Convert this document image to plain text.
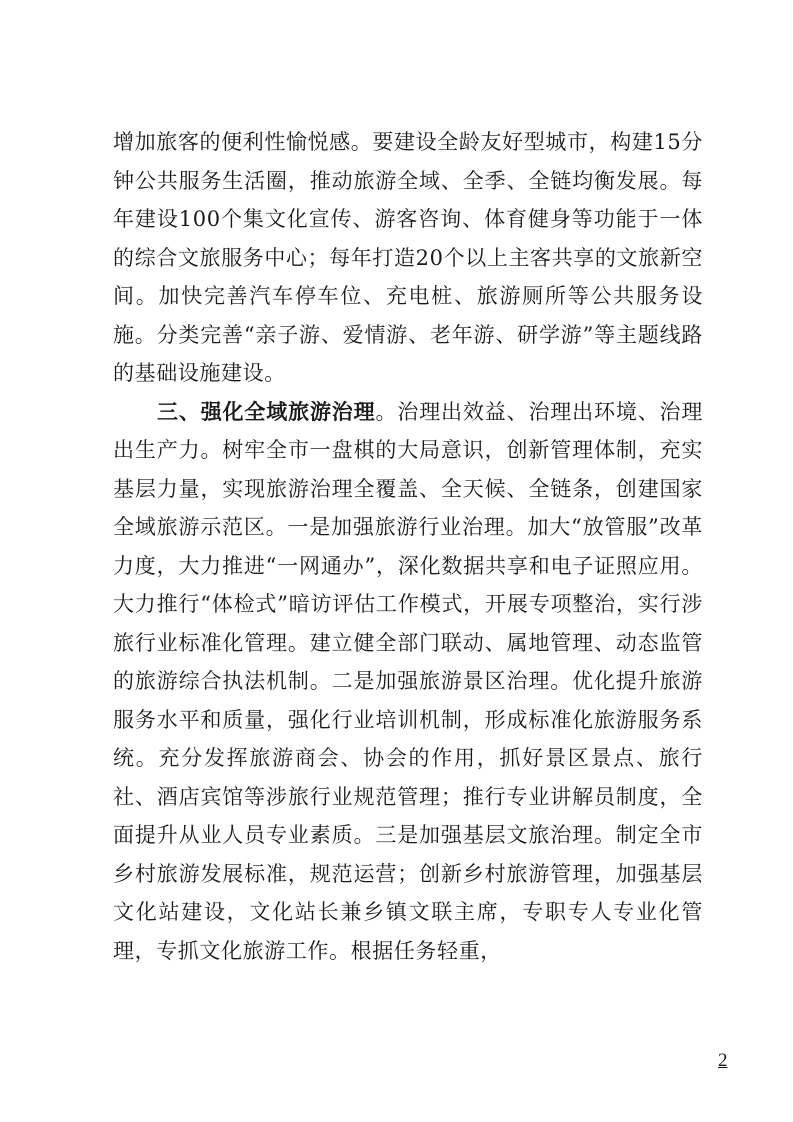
增加旅客的便利性愉悦感。要建设全龄友好型城市，构建15分钟公共服务生活圈，推动旅游全域、全季、全链均衡发展。每年建设100个集文化宣传、游客咨询、体育健身等功能于一体的综合文旅服务中心；每年打造20个以上主客共享的文旅新空间。加快完善汽车停车位、充电桩、旅游厕所等公共服务设施。分类完善“亲子游、爱情游、老年游、研学游”等主题线路的基础设施建设。

三、强化全域旅游治理。治理出效益、治理出环境、治理出生产力。树牢全市一盘棋的大局意识，创新管理体制，充实基层力量，实现旅游治理全覆盖、全天候、全链条，创建国家全域旅游示范区。一是加强旅游行业治理。加大“放管服”改革力度，大力推进“一网通办”，深化数据共享和电子证照应用。大力推行“体检式”暗访评估工作模式，开展专项整治，实行涉旅行业标准化管理。建立健全部门联动、属地管理、动态监管的旅游综合执法机制。二是加强旅游景区治理。优化提升旅游服务水平和质量，强化行业培训机制，形成标准化旅游服务系统。充分发挥旅游商会、协会的作用，抓好景区景点、旅行社、酒店宾馆等涉旅行业规范管理；推行专业讲解员制度，全面提升从业人员专业素质。三是加强基层文旅治理。制定全市乡村旅游发展标准，规范运营；创新乡村旅游管理，加强基层文化站建设，文化站长兼乡镇文联主席，专职专人专业化管理，专抓文化旅游工作。根据任务轻重，

2
